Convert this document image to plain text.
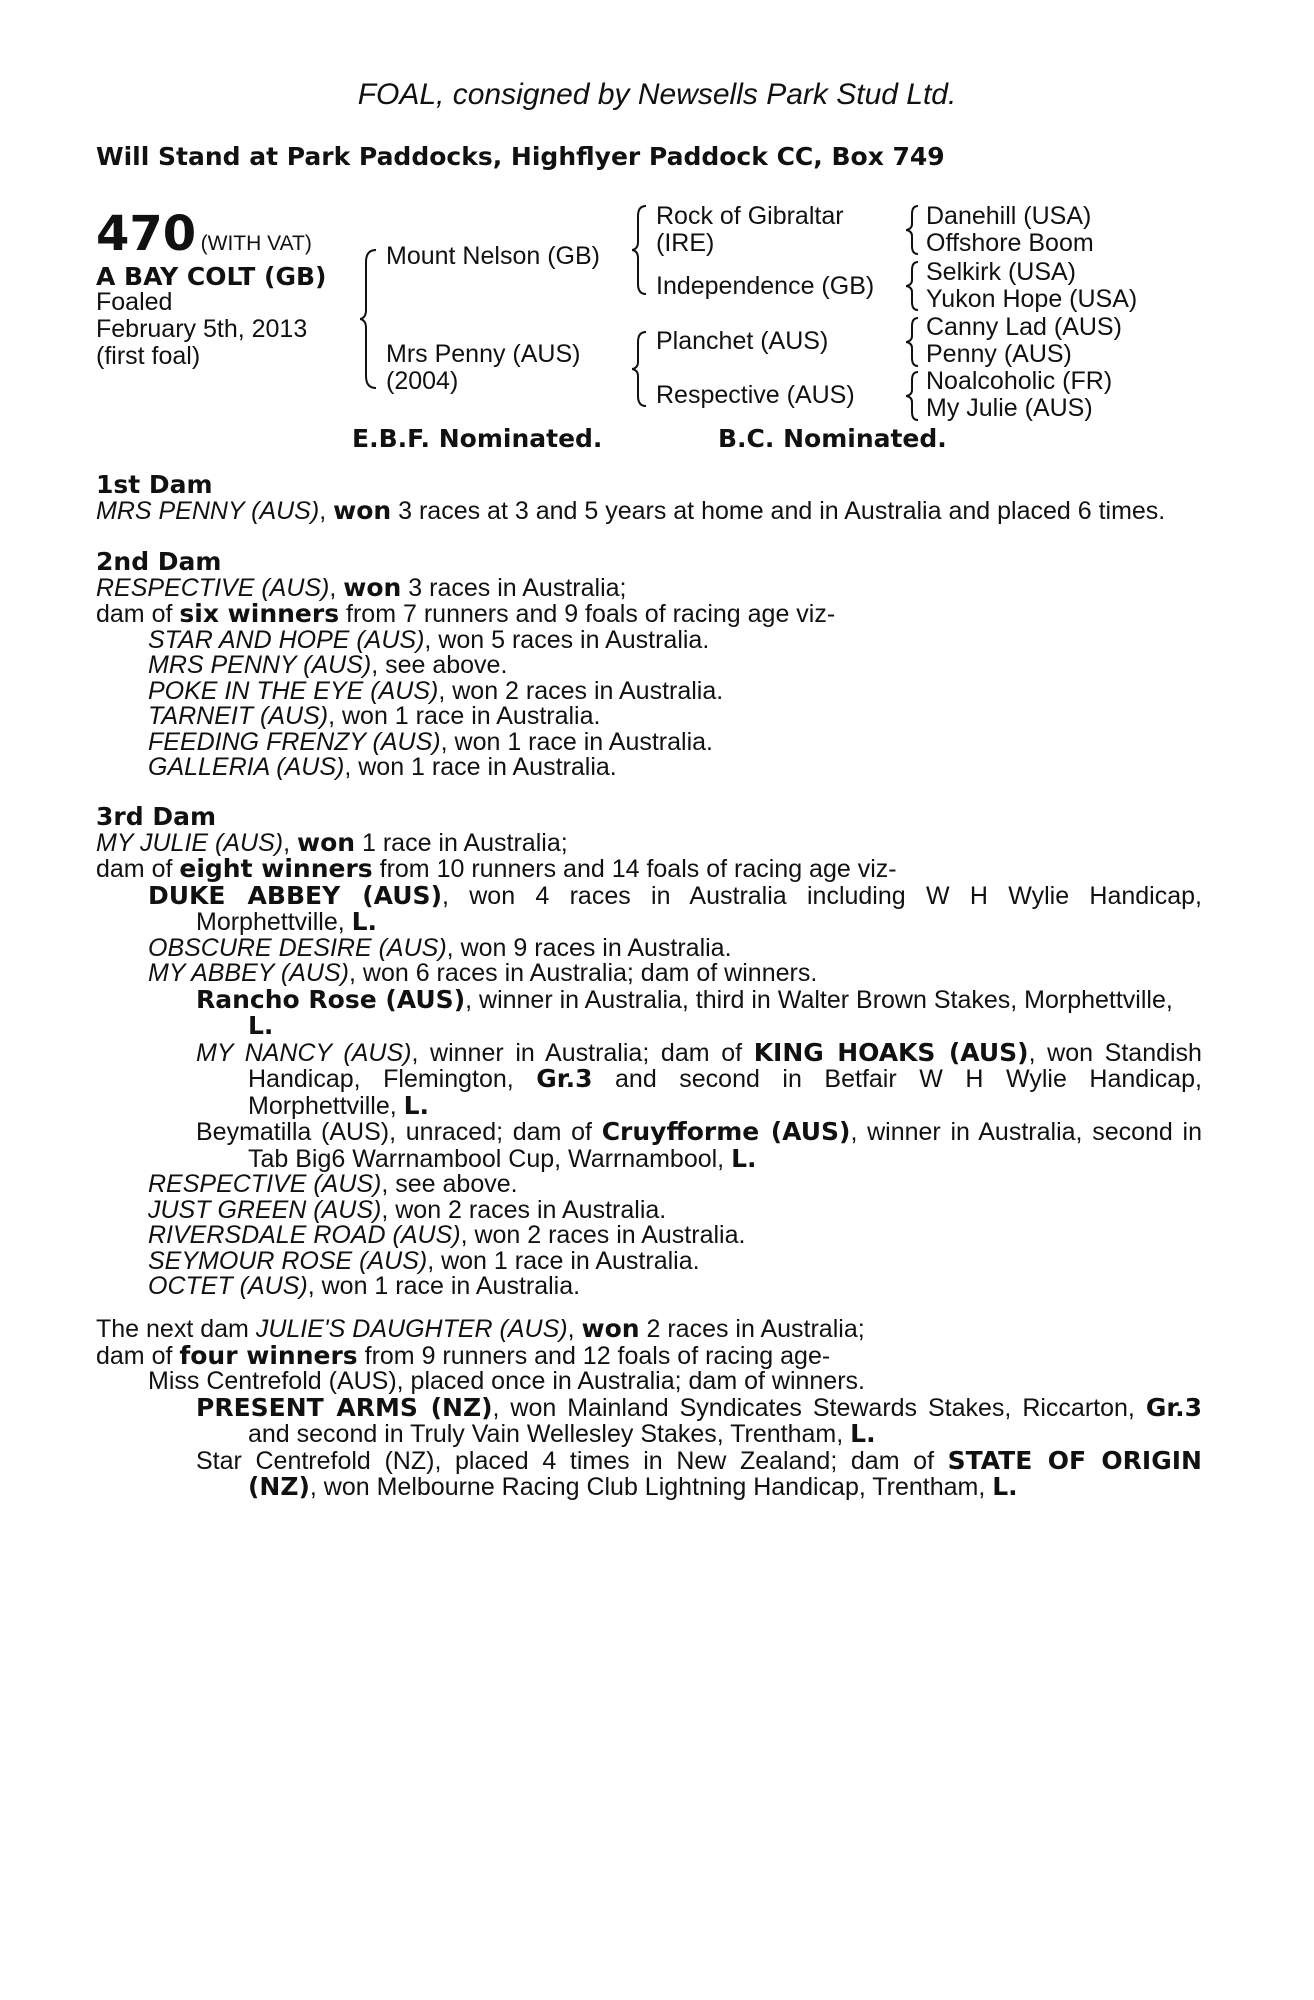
FOAL, consigned by Newsells Park Stud Ltd.
Will Stand at Park Paddocks, Highflyer Paddock CC, Box 749
470 (WITH VAT)
A BAY COLT (GB)
Foaled
February 5th, 2013
(first foal)
Mount Nelson (GB)
Mrs Penny (AUS)
(2004)
Rock of Gibraltar
(IRE)
Independence (GB)
Planchet (AUS)
Respective (AUS)
Danehill (USA)
Offshore Boom
Selkirk (USA)
Yukon Hope (USA)
Canny Lad (AUS)
Penny (AUS)
Noalcoholic (FR)
My Julie (AUS)
E.B.F. Nominated.	B.C. Nominated.
1st Dam
MRS PENNY (AUS), won 3 races at 3 and 5 years at home and in Australia and placed 6 times.
2nd Dam
RESPECTIVE (AUS), won 3 races in Australia;
dam of six winners from 7 runners and 9 foals of racing age viz-
STAR AND HOPE (AUS), won 5 races in Australia.
MRS PENNY (AUS), see above.
POKE IN THE EYE (AUS), won 2 races in Australia.
TARNEIT (AUS), won 1 race in Australia.
FEEDING FRENZY (AUS), won 1 race in Australia.
GALLERIA (AUS), won 1 race in Australia.
3rd Dam
MY JULIE (AUS), won 1 race in Australia;
dam of eight winners from 10 runners and 14 foals of racing age viz-
DUKE ABBEY (AUS), won 4 races in Australia including W H Wylie Handicap,
Morphettville, L.
OBSCURE DESIRE (AUS), won 9 races in Australia.
MY ABBEY (AUS), won 6 races in Australia; dam of winners.
Rancho Rose (AUS), winner in Australia, third in Walter Brown Stakes, Morphettville,
L.
MY NANCY (AUS), winner in Australia; dam of KING HOAKS (AUS), won Standish
Handicap, Flemington, Gr.3 and second in Betfair W H Wylie Handicap,
Morphettville, L.
Beymatilla (AUS), unraced; dam of Cruyfforme (AUS), winner in Australia, second in
Tab Big6 Warrnambool Cup, Warrnambool, L.
RESPECTIVE (AUS), see above.
JUST GREEN (AUS), won 2 races in Australia.
RIVERSDALE ROAD (AUS), won 2 races in Australia.
SEYMOUR ROSE (AUS), won 1 race in Australia.
OCTET (AUS), won 1 race in Australia.
The next dam JULIE'S DAUGHTER (AUS), won 2 races in Australia;
dam of four winners from 9 runners and 12 foals of racing age-
Miss Centrefold (AUS), placed once in Australia; dam of winners.
PRESENT ARMS (NZ), won Mainland Syndicates Stewards Stakes, Riccarton, Gr.3
and second in Truly Vain Wellesley Stakes, Trentham, L.
Star Centrefold (NZ), placed 4 times in New Zealand; dam of STATE OF ORIGIN
(NZ), won Melbourne Racing Club Lightning Handicap, Trentham, L.
